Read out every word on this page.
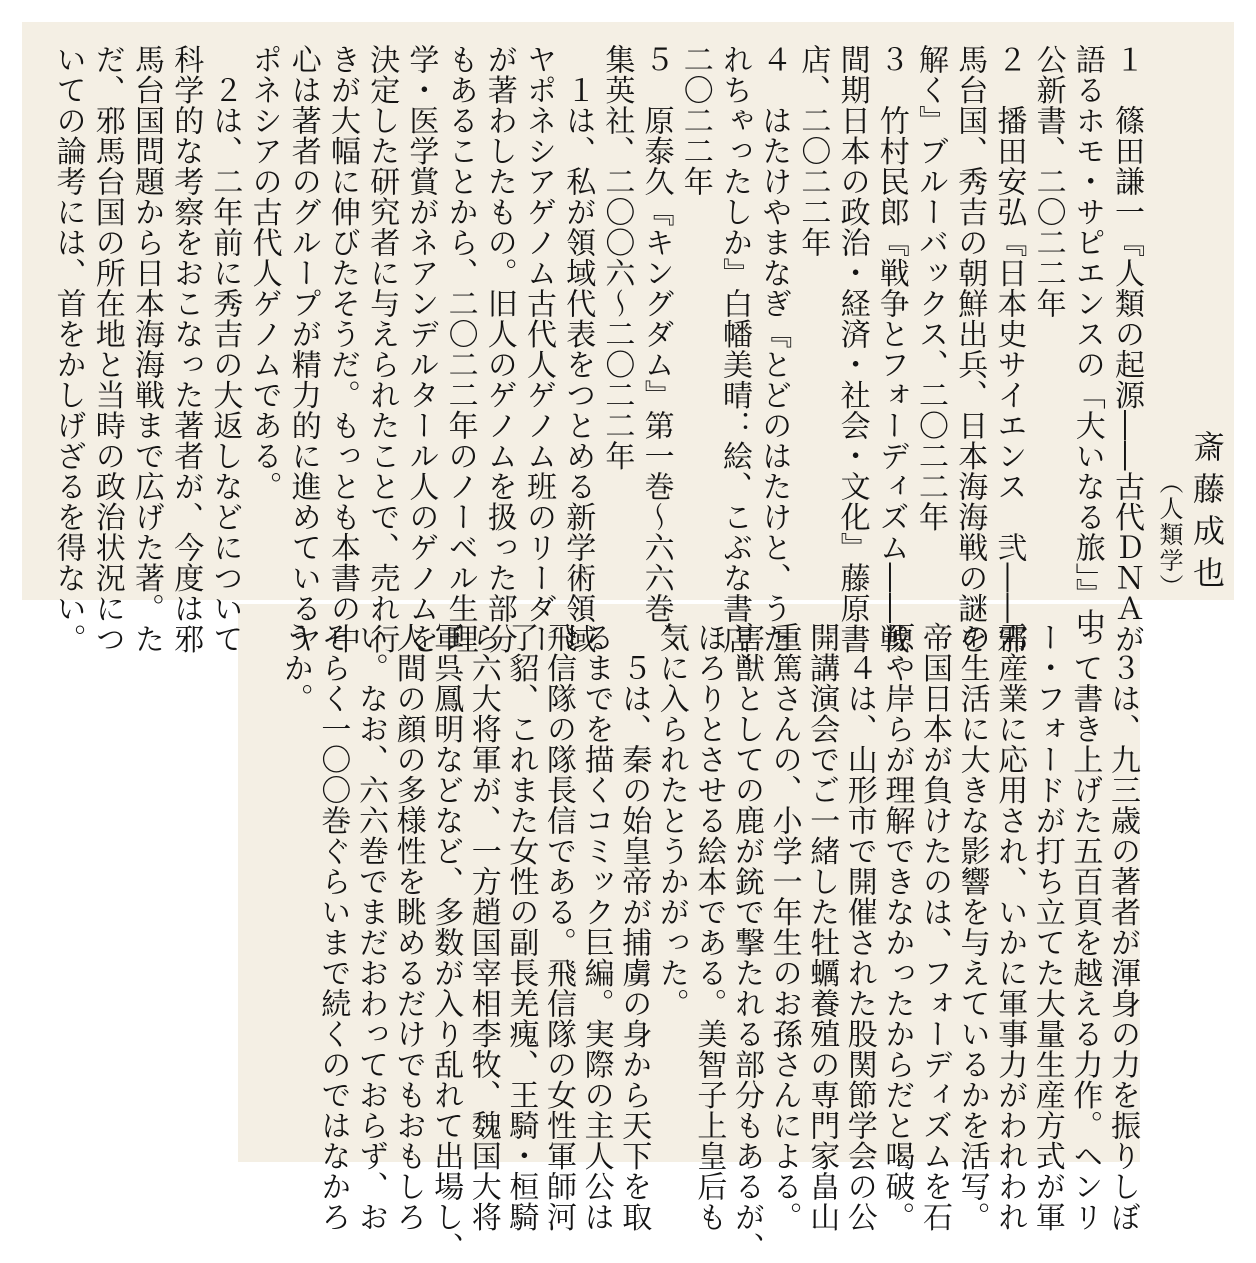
斎藤成也
（人類学）
１　篠田謙一『人類の起源――古代ＤＮＡが
語るホモ・サピエンスの「大いなる旅」』中
公新書、二〇二二年
２　播田安弘『日本史サイエンス　弐――邪
馬台国、秀吉の朝鮮出兵、日本海海戦の謎を
解く』ブルーバックス、二〇二二年
３　竹村民郎『戦争とフォーディズム――戦
間期日本の政治・経済・社会・文化』藤原書
店、二〇二二年
４　はたけやまなぎ『とどのはたけと、うた
れちゃったしか』白幡美晴：絵、こぶな書店、
二〇二二年
５　原泰久『キングダム』第一巻～六六巻、
集英社、二〇〇六～二〇二二年
　１は、私が領域代表をつとめる新学術領域
ヤポネシアゲノム古代人ゲノム班のリーダー
が著わしたもの。旧人のゲノムを扱った部分
もあることから、二〇二二年のノーベル生理
学・医学賞がネアンデルタール人のゲノムを
決定した研究者に与えられたことで、売れ行
きが大幅に伸びたそうだ。もっとも本書の中
心は著者のグループが精力的に進めているヤ
ポネシアの古代人ゲノムである。
　２は、二年前に秀吉の大返しなどについて
科学的な考察をおこなった著者が、今度は邪
馬台国問題から日本海海戦まで広げた著。た
だ、邪馬台国の所在地と当時の政治状況につ
いての論考には、首をかしげざるを得ない。
　３は、九三歳の著者が渾身の力を振りしぼ
って書き上げた五百頁を越える力作。ヘンリ
ー・フォードが打ち立てた大量生産方式が軍
需産業に応用され、いかに軍事力がわれわれ
の生活に大きな影響を与えているかを活写。
帝国日本が負けたのは、フォーディズムを石
原や岸らが理解できなかったからだと喝破。
　４は、山形市で開催された股関節学会の公
開講演会でご一緒した牡蠣養殖の専門家畠山
重篤さんの、小学一年生のお孫さんによる。
害獣としての鹿が銃で撃たれる部分もあるが、
ほろりとさせる絵本である。美智子上皇后も
気に入られたとうかがった。
　５は、秦の始皇帝が捕虜の身から天下を取
るまでを描くコミック巨編。実際の主人公は
飛信隊の隊長信である。飛信隊の女性軍師河
了貂、これまた女性の副長羌瘣、王騎・桓騎
ら六大将軍が、一方趙国宰相李牧、魏国大将
軍呉鳳明などなど、多数が入り乱れて出場し、
人間の顔の多様性を眺めるだけでもおもしろ
い。なお、六六巻でまだおわっておらず、お
そらく一〇〇巻ぐらいまで続くのではなかろ
うか。
